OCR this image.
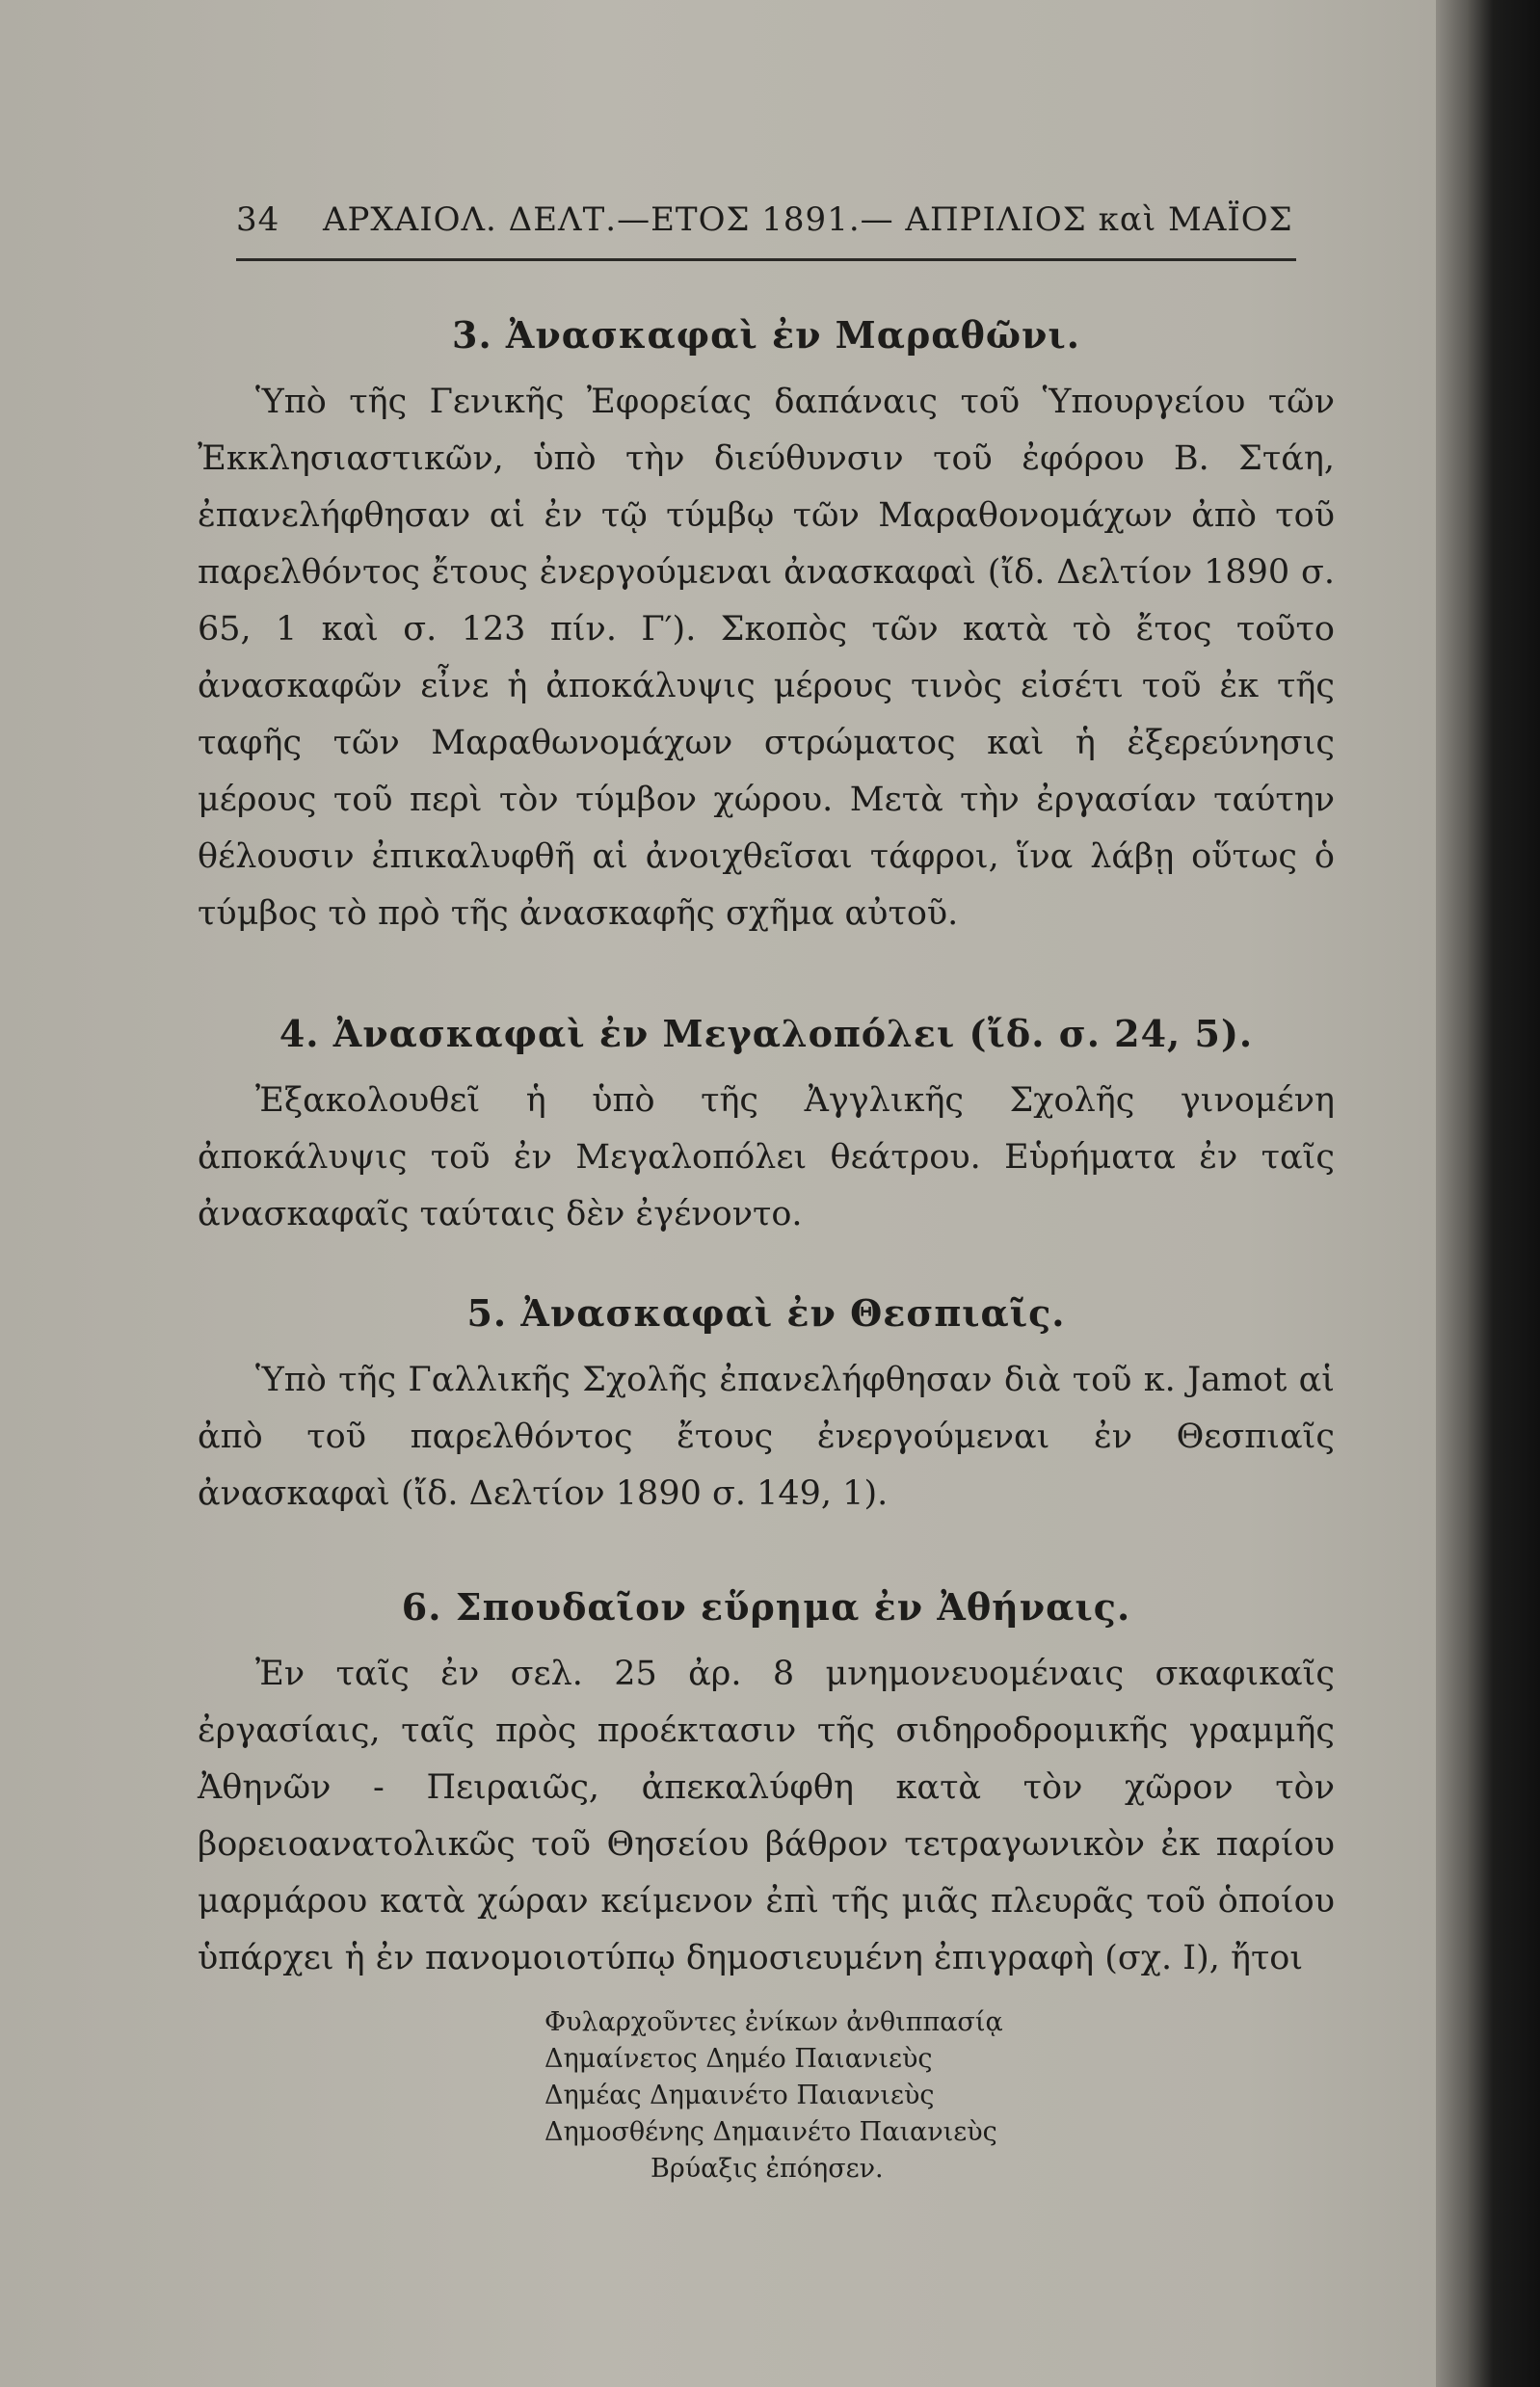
34 ΑΡΧΑΙΟΛ. ΔΕΛΤ.—ΕΤΟΣ 1891.— ΑΠΡΙΛΙΟΣ καὶ ΜΑΪΟΣ
3. Ἀνασκαφαὶ ἐν Μαραθῶνι.

Ὑπὸ τῆς Γενικῆς Ἐφορείας δαπάναις τοῦ Ὑπουργείου τῶν Ἐκκλησιαστικῶν, ὑπὸ τὴν διεύθυνσιν τοῦ ἐφόρου Β. Στάη, ἐπανελήφθησαν αἱ ἐν τῷ τύμβῳ τῶν Μαραθονομάχων ἀπὸ τοῦ παρελθόντος ἔτους ἐνεργούμεναι ἀνασκαφαὶ (ἴδ. Δελτίον 1890 σ. 65, 1 καὶ σ. 123 πίν. Γ′). Σκοπὸς τῶν κατὰ τὸ ἔτος τοῦτο ἀνασκαφῶν εἶνε ἡ ἀποκάλυψις μέρους τινὸς εἰσέτι τοῦ ἐκ τῆς ταφῆς τῶν Μαραθωνομάχων στρώματος καὶ ἡ ἐξερεύνησις μέρους τοῦ περὶ τὸν τύμβον χώρου. Μετὰ τὴν ἐργασίαν ταύτην θέλουσιν ἐπικαλυφθῆ αἱ ἀνοιχθεῖσαι τάφροι, ἵνα λάβῃ οὕτως ὁ τύμβος τὸ πρὸ τῆς ἀνασκαφῆς σχῆμα αὐτοῦ.

4. Ἀνασκαφαὶ ἐν Μεγαλοπόλει (ἴδ. σ. 24, 5).

Ἐξακολουθεῖ ἡ ὑπὸ τῆς Ἀγγλικῆς Σχολῆς γινομένη ἀποκάλυψις τοῦ ἐν Μεγαλοπόλει θεάτρου. Εὑρήματα ἐν ταῖς ἀνασκαφαῖς ταύταις δὲν ἐγένοντο.

5. Ἀνασκαφαὶ ἐν Θεσπιαῖς.

Ὑπὸ τῆς Γαλλικῆς Σχολῆς ἐπανελήφθησαν διὰ τοῦ κ. Jamot αἱ ἀπὸ τοῦ παρελθόντος ἔτους ἐνεργούμεναι ἐν Θεσπιαῖς ἀνασκαφαὶ (ἴδ. Δελτίον 1890 σ. 149, 1).

6. Σπουδαῖον εὕρημα ἐν Ἀθήναις.

Ἐν ταῖς ἐν σελ. 25 ἀρ. 8 μνημονευομέναις σκαφικαῖς ἐργασίαις, ταῖς πρὸς προέκτασιν τῆς σιδηροδρομικῆς γραμμῆς Ἀθηνῶν - Πειραιῶς, ἀπεκαλύφθη κατὰ τὸν χῶρον τὸν βορειοανατολικῶς τοῦ Θησείου βάθρον τετραγωνικὸν ἐκ παρίου μαρμάρου κατὰ χώραν κείμενον ἐπὶ τῆς μιᾶς πλευρᾶς τοῦ ὁποίου ὑπάρχει ἡ ἐν πανομοιοτύπῳ δημοσιευμένη ἐπιγραφὴ (σχ. Ι), ἤτοι

Φυλαρχοῦντες ἐνίκων ἀνθιππασίᾳ
Δημαίνετος Δημέο Παιανιεὺς
Δημέας Δημαινέτο Παιανιεὺς
Δημοσθένης Δημαινέτο Παιανιεὺς
Βρύαξις ἐπόησεν.
